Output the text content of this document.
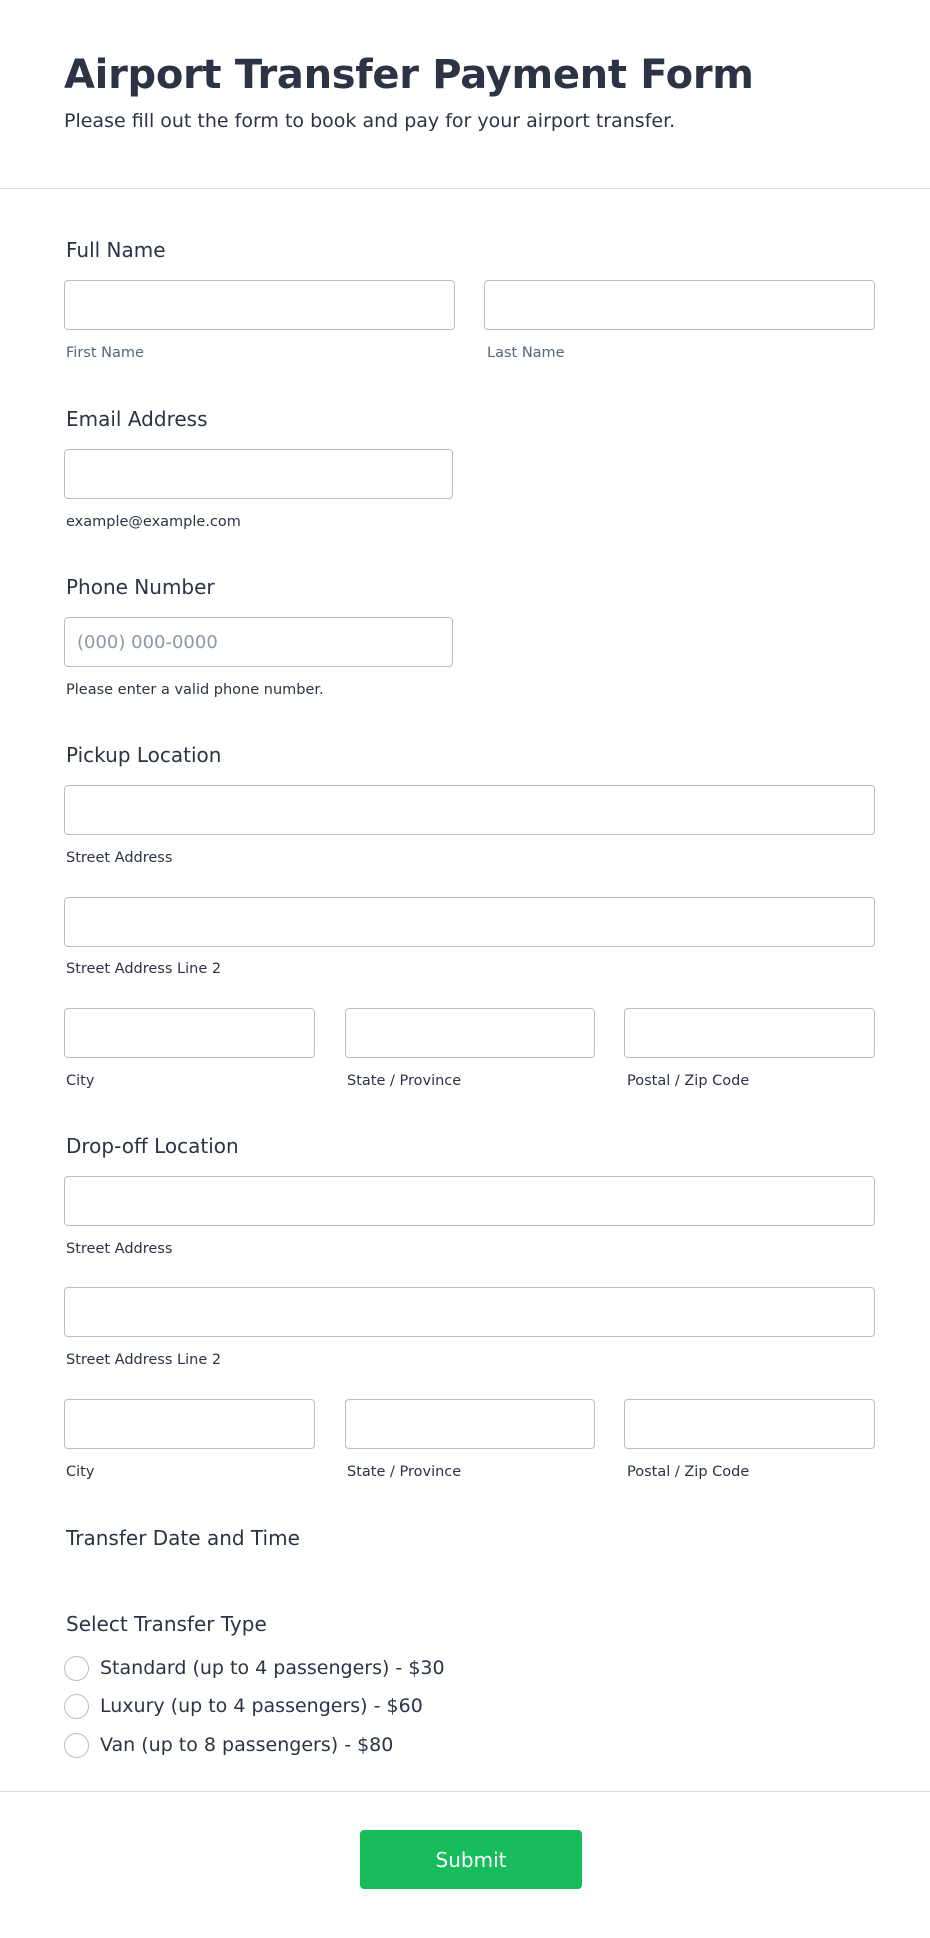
Airport Transfer Payment Form

Please fill out the form to book and pay for your airport transfer.

Full Name
First Name	Last Name
Email Address
example@example.com
Phone Number
(000) 000-0000
Please enter a valid phone number.
Pickup Location
Street Address
Street Address Line 2
City	State / Province	Postal / Zip Code
Drop-off Location
Street Address
Street Address Line 2
City	State / Province	Postal / Zip Code
Transfer Date and Time
Select Transfer Type
Standard (up to 4 passengers) - $30
Luxury (up to 4 passengers) - $60
Van (up to 8 passengers) - $80
Submit
